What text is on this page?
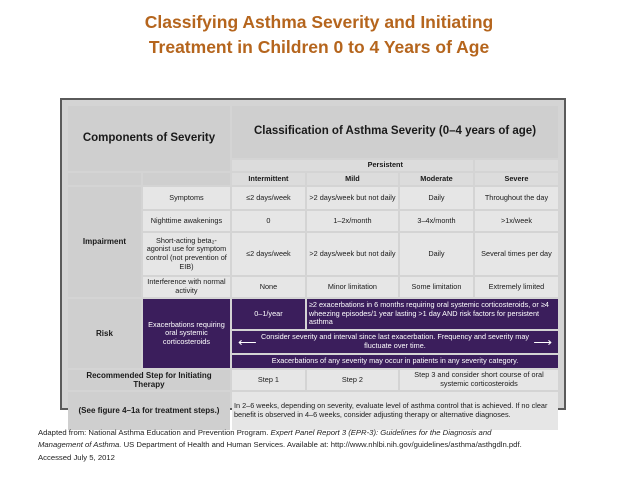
Classifying Asthma Severity and Initiating
Treatment in Children 0 to 4 Years of Age
Components of Severity		Classification of Asthma Severity (0–4 years of age)			
		Persistent			
		Intermittent	Mild	Moderate	Severe
Impairment	Symptoms	≤2 days/week	>2 days/week but not daily	Daily	Throughout the day
	Nighttime awakenings	0	1–2x/month	3–4x/month	>1x/week
	Short-acting beta₂-agonist use for symptom control (not prevention of EIB)	≤2 days/week	>2 days/week but not daily	Daily	Several times per day
	Interference with normal activity	None	Minor limitation	Some limitation	Extremely limited
Risk	Exacerbations requiring oral systemic corticosteroids	0–1/year	≥2 exacerbations in 6 months requiring oral systemic corticosteroids, or ≥4 wheezing episodes/1 year lasting >1 day AND risk factors for persistent asthma		

		⟵ Consider severity and interval since last exacerbation. Frequency and severity may fluctuate over time. ⟶			

		Exacerbations of any severity may occur in patients in any severity category.			
Recommended Step for Initiating Therapy		Step 1	Step 2	Step 3 and consider short course of oral systemic corticosteroids	
(See figure 4–1a for treatment steps.)		In 2–6 weeks, depending on severity, evaluate level of asthma control that is achieved. If no clear benefit is observed in 4–6 weeks, consider adjusting therapy or alternative diagnoses.			
Adapted from: National Asthma Education and Prevention Program. Expert Panel Report 3 (EPR-3): Guidelines for the Diagnosis and
Management of Asthma. US Department of Health and Human Services. Available at: http://www.nhlbi.nih.gov/guidelines/asthma/asthgdln.pdf.
Accessed July 5, 2012
